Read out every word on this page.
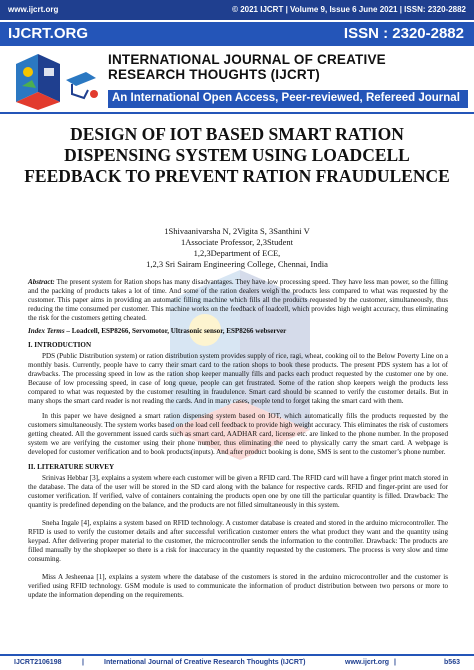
www.ijcrt.org	© 2021 IJCRT | Volume 9, Issue 6 June 2021 | ISSN: 2320-2882
IJCRT.ORG	ISSN : 2320-2882
INTERNATIONAL JOURNAL OF CREATIVE
RESEARCH THOUGHTS (IJCRT)
An International Open Access, Peer-reviewed, Refereed Journal
DESIGN OF IOT BASED SMART RATION DISPENSING SYSTEM USING LOADCELL FEEDBACK TO PREVENT RATION FRAUDULENCE
1Shivaanivarsha N, 2Vigita S, 3Santhini V
1Associate Professor, 2,3Student
1,2,3Department of ECE,
1,2,3 Sri Sairam Engineering College, Chennai, India
Abstract: The present system for Ration shops has many disadvantages. They have low processing speed. They have less man power, so the filling and the packing of products takes a lot of time. And some of the ration dealers weigh the products less compared to what was requested by the customer. This paper aims in providing an automatic filling machine which fills all the products requested by the customer, simultaneously, thus reducing the time consumed per customer. This machine works on the feedback of loadcell, which provides high weight accuracy, thus eliminating the risk for the customers getting cheated.
Index Terms – Loadcell, ESP8266, Servomotor, Ultrasonic sensor, ESP8266 webserver
I. INTRODUCTION
PDS (Public Distribution system) or ration distribution system provides supply of rice, ragi, wheat, cooking oil to the Below Poverty Line on a monthly basis. Currently, people have to carry their smart card to the ration shops to book these products. The present PDS system has a lot of drawbacks. The processing speed in low as the ration shop keeper manually fills and packs each product requested by the customer one by one. Because of low processing speed, in case of long queue, people can get frustrated. Some of the ration shop keepers weigh the products less compared to what was requested by the customer resulting in fraudulence. Smart card should be scanned to verify the customer details. But in many shops the smart card reader is not reading the cards. And in many cases, people tend to forget taking the smart card with them.
In this paper we have designed a smart ration dispensing system based on IOT, which automatically fills the products requested by the customers simultaneously. The system works based on the load cell feedback to provide high weight accuracy. This eliminates the risk of customers getting cheated. All the government issued cards such as smart card, AADHAR card, license etc. are linked to the phone number. In the proposed system we are verifying the customer using their phone number, thus eliminating the need to physically carry the smart card. A webpage is developed for customer verification and to book products(inputs). And after product booking is done, SMS is sent to the customer’s phone number.
II. LITERATURE SURVEY
Srinivas Hebbar [3], explains a system where each customer will be given a RFID card. The RFID card will have a finger print match stored in the database. The data of the user will be stored in the SD card along with the balance for respective cards. RFID and finger-print are used for customer verification. If verified, valve of containers containing the products open one by one till the particular quantity is filled. Drawback: The quantity is predefined depending on the balance, and the products are not filled simultaneously in this system.
Sneha Ingale [4], explains a system based on RFID technology. A customer database is created and stored in the arduino microcontroller. The RFID is used to verify the customer details and after successful verification customer enters the what product they want and the quantity using keypad. After delivering proper material to the customer, the microcontroller sends the information to the controller. Drawback: The products are filled manually by the shopkeeper so there is a risk for inaccuracy in the quantity requested by the customers. The process is very slow and time consuming.
Miss A Jesheenaa [1], explains a system where the database of the customers is stored in the arduino microcontroller and the customer is verified using RFID technology. GSM module is used to communicate the information of product distribution between two persons or more to update the information depending on the requirements.
IJCRT2106198	|	International Journal of Creative Research Thoughts (IJCRT)	|
www.ijcrt.org	b563
